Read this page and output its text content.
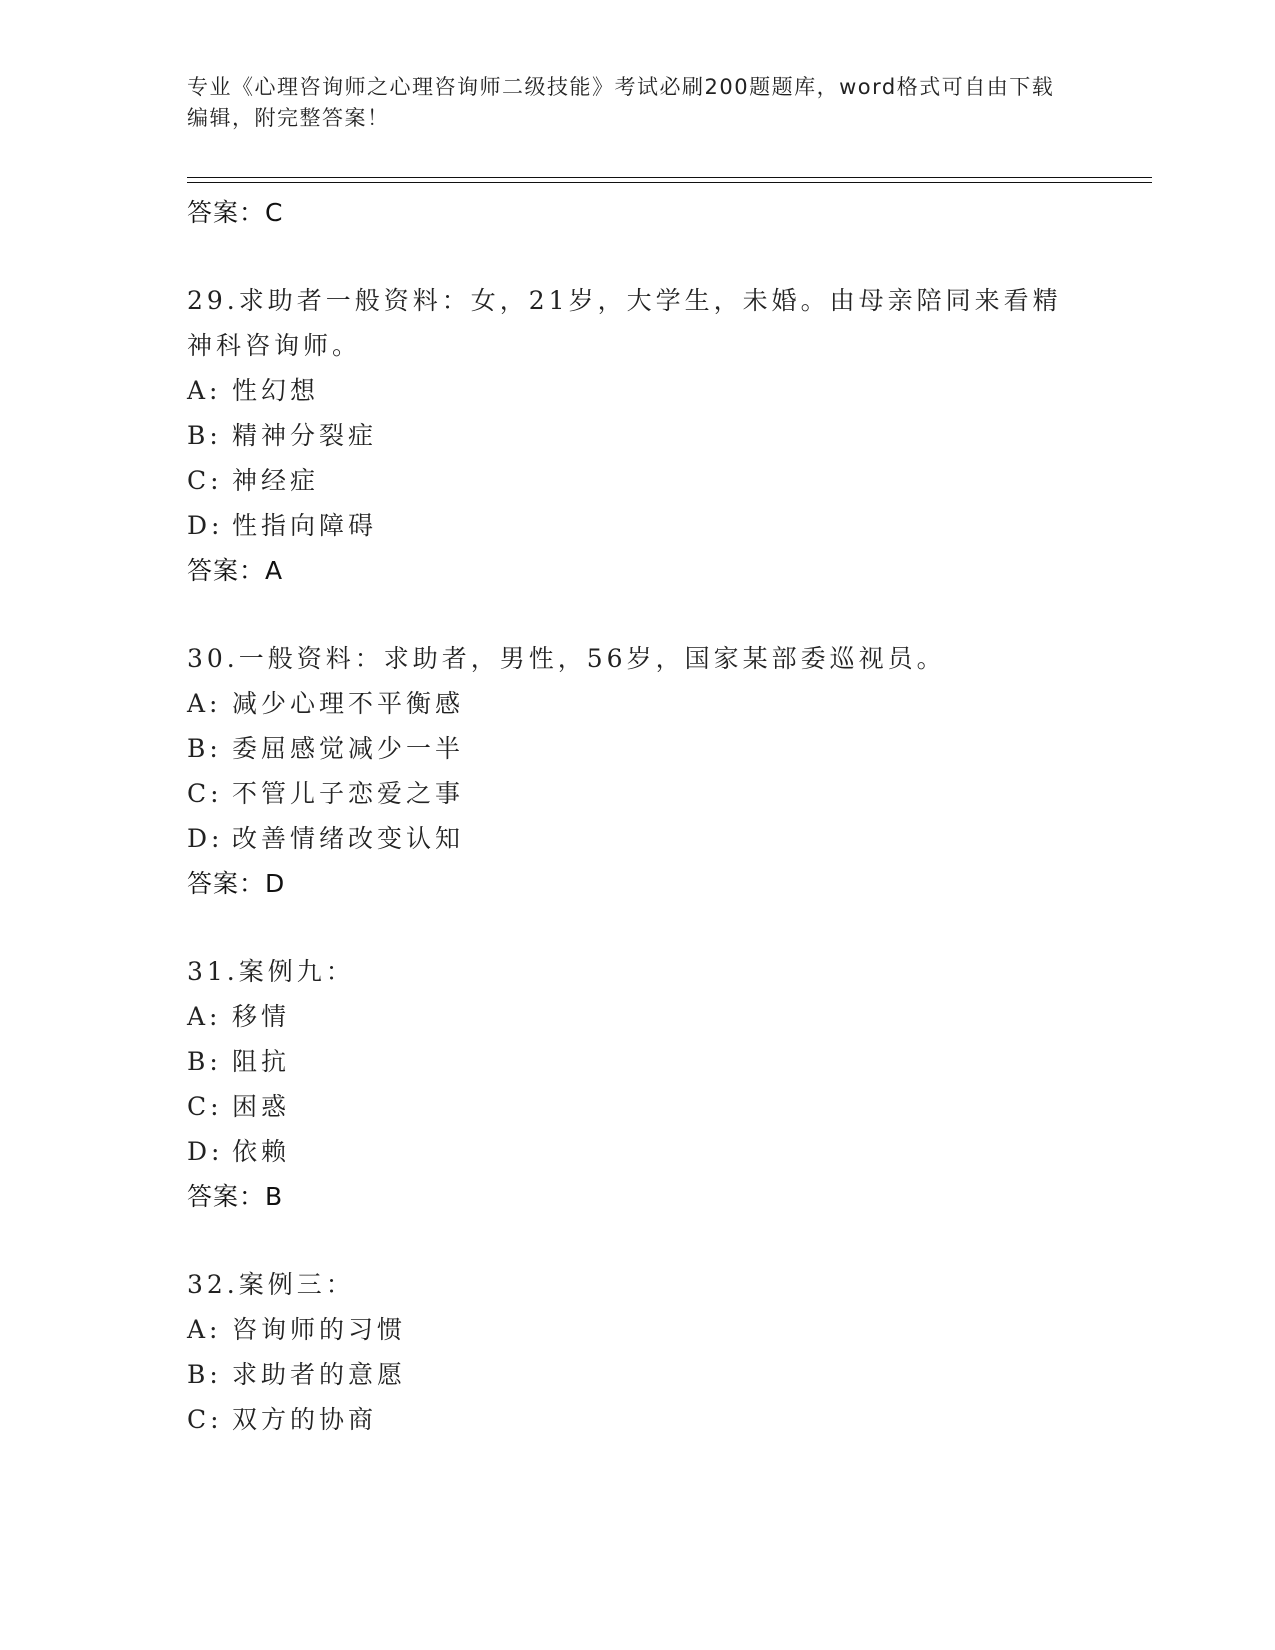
专业《心理咨询师之心理咨询师二级技能》考试必刷200题题库，word格式可自由下载编辑，附完整答案！
答案：C
29.求助者一般资料：女，21岁，大学生，未婚。由母亲陪同来看精神科咨询师。
A: 性幻想
B: 精神分裂症
C: 神经症
D: 性指向障碍
答案：A
30.一般资料：求助者，男性，56岁，国家某部委巡视员。
A: 减少心理不平衡感
B: 委屈感觉减少一半
C: 不管儿子恋爱之事
D: 改善情绪改变认知
答案：D
31.案例九：
A: 移情
B: 阻抗
C: 困惑
D: 依赖
答案：B
32.案例三：
A: 咨询师的习惯
B: 求助者的意愿
C: 双方的协商
